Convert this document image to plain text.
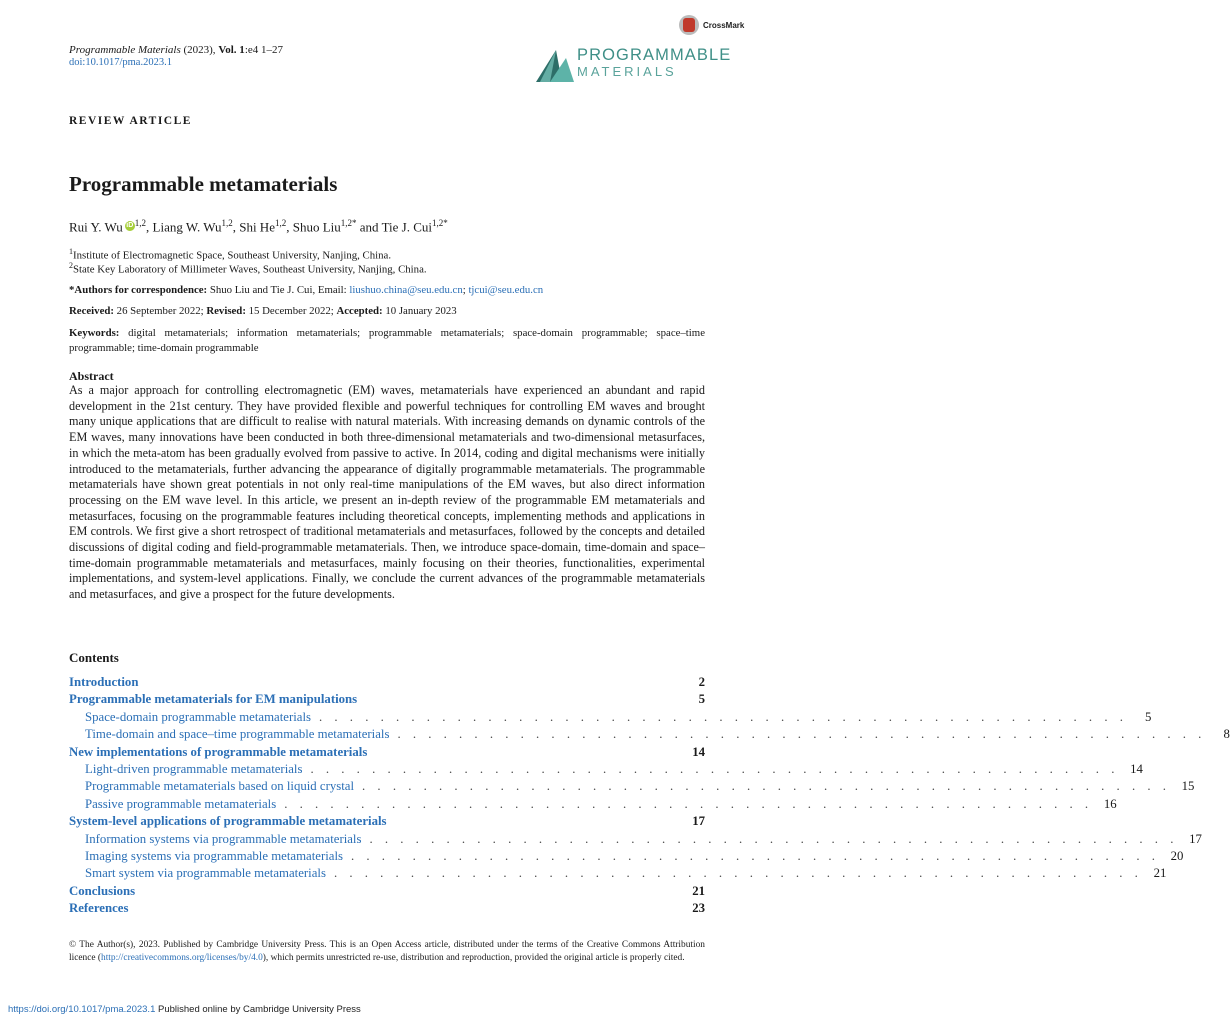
Programmable Materials (2023), Vol. 1:e4 1–27
doi:10.1017/pma.2023.1
CrossMark
PROGRAMMABLE
MATERIALS
REVIEW ARTICLE
Programmable metamaterials
Rui Y. Wu iD $^{1,2}$, Liang W. Wu$^{1,2}$, Shi He$^{1,2}$, Shuo Liu$^{1,2*}$ and Tie J. Cui$^{1,2*}$
$^1$Institute of Electromagnetic Space, Southeast University, Nanjing, China.
$^2$State Key Laboratory of Millimeter Waves, Southeast University, Nanjing, China.
*Authors for correspondence: Shuo Liu and Tie J. Cui, Email: liushuo.china@seu.edu.cn; tjcui@seu.edu.cn
Received: 26 September 2022; Revised: 15 December 2022; Accepted: 10 January 2023
Keywords: digital metamaterials; information metamaterials; programmable metamaterials; space-domain programmable; space–time programmable; time-domain programmable
Abstract

As a major approach for controlling electromagnetic (EM) waves, metamaterials have experienced an abundant and rapid development in the 21st century. They have provided flexible and powerful techniques for controlling EM waves and brought many unique applications that are difficult to realise with natural materials. With increasing demands on dynamic controls of the EM waves, many innovations have been conducted in both three-dimensional metamaterials and two-dimensional metasurfaces, in which the meta-atom has been gradually evolved from passive to active. In 2014, coding and digital mechanisms were initially introduced to the metamaterials, further advancing the appearance of digitally programmable metamaterials. The programmable metamaterials have shown great potentials in not only real-time manipulations of the EM waves, but also direct information processing on the EM wave level. In this article, we present an in-depth review of the programmable EM metamaterials and metasurfaces, focusing on the programmable features including theoretical concepts, implementing methods and applications in EM controls. We first give a short retrospect of traditional metamaterials and metasurfaces, followed by the concepts and detailed discussions of digital coding and field-programmable metamaterials. Then, we introduce space-domain, time-domain and space–time-domain programmable metamaterials and metasurfaces, mainly focusing on their theories, functionalities, experimental implementations, and system-level applications. Finally, we conclude the current advances of the programmable metamaterials and metasurfaces, and give a prospect for the future developments.

Contents
Introduction	2
Programmable metamaterials for EM manipulations	5
Space-domain programmable metamaterials . . . . . . . . . . . . . . . . . . . . . . . . . . . . . . . . . . . . . . . . . . . . . . . . . . . . .	5
Time-domain and space–time programmable metamaterials . . . . . . . . . . . . . . . . . . . . . . . . . . . . . . . . . . . . . . . . . . . . . . . . . . . . .	8
New implementations of programmable metamaterials	14
Light-driven programmable metamaterials . . . . . . . . . . . . . . . . . . . . . . . . . . . . . . . . . . . . . . . . . . . . . . . . . . . . . 14
Programmable metamaterials based on liquid crystal . . . . . . . . . . . . . . . . . . . . . . . . . . . . . . . . . . . . . . . . . . . . . . . . . . . . . 15
Passive programmable metamaterials . . . . . . . . . . . . . . . . . . . . . . . . . . . . . . . . . . . . . . . . . . . . . . . . . . . . . 16
System-level applications of programmable metamaterials	17
Information systems via programmable metamaterials . . . . . . . . . . . . . . . . . . . . . . . . . . . . . . . . . . . . . . . . . . . . . . . . . . . . . 17
Imaging systems via programmable metamaterials . . . . . . . . . . . . . . . . . . . . . . . . . . . . . . . . . . . . . . . . . . . . . . . . . . . . . 20
Smart system via programmable metamaterials . . . . . . . . . . . . . . . . . . . . . . . . . . . . . . . . . . . . . . . . . . . . . . . . . . . . . 21
Conclusions	21
References	23
© The Author(s), 2023. Published by Cambridge University Press. This is an Open Access article, distributed under the terms of the Creative Commons Attribution licence (http://creativecommons.org/licenses/by/4.0), which permits unrestricted re-use, distribution and reproduction, provided the original article is properly cited.
https://doi.org/10.1017/pma.2023.1 Published online by Cambridge University Press
